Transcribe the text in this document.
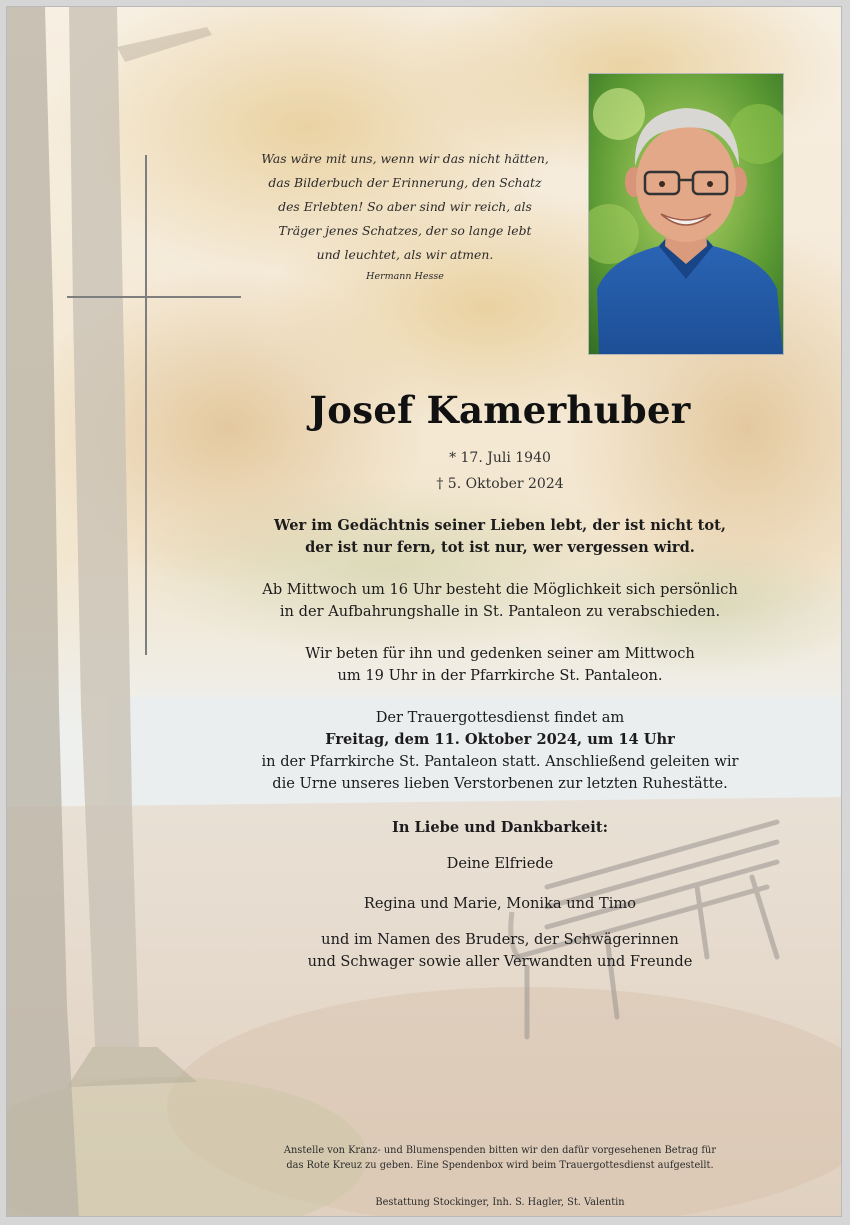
Was wäre mit uns, wenn wir das nicht hätten,
das Bilderbuch der Erinnerung, den Schatz
des Erlebten! So aber sind wir reich, als
Träger jenes Schatzes, der so lange lebt
und leuchtet, als wir atmen.
Hermann Hesse
Josef Kamerhuber
* 17. Juli 1940
† 5. Oktober 2024
Wer im Gedächtnis seiner Lieben lebt, der ist nicht tot,
der ist nur fern, tot ist nur, wer vergessen wird.
Ab Mittwoch um 16 Uhr besteht die Möglichkeit sich persönlich
in der Aufbahrungshalle in St. Pantaleon zu verabschieden.
Wir beten für ihn und gedenken seiner am Mittwoch
um 19 Uhr in der Pfarrkirche St. Pantaleon.
Der Trauergottesdienst findet am
Freitag, dem 11. Oktober 2024, um 14 Uhr
in der Pfarrkirche St. Pantaleon statt. Anschließend geleiten wir
die Urne unseres lieben Verstorbenen zur letzten Ruhestätte.
In Liebe und Dankbarkeit:
Deine Elfriede
Regina und Marie, Monika und Timo
und im Namen des Bruders, der Schwägerinnen
und Schwager sowie aller Verwandten und Freunde
Anstelle von Kranz- und Blumenspenden bitten wir den dafür vorgesehenen Betrag für
das Rote Kreuz zu geben. Eine Spendenbox wird beim Trauergottesdienst aufgestellt.
Bestattung Stockinger, Inh. S. Hagler, St. Valentin
